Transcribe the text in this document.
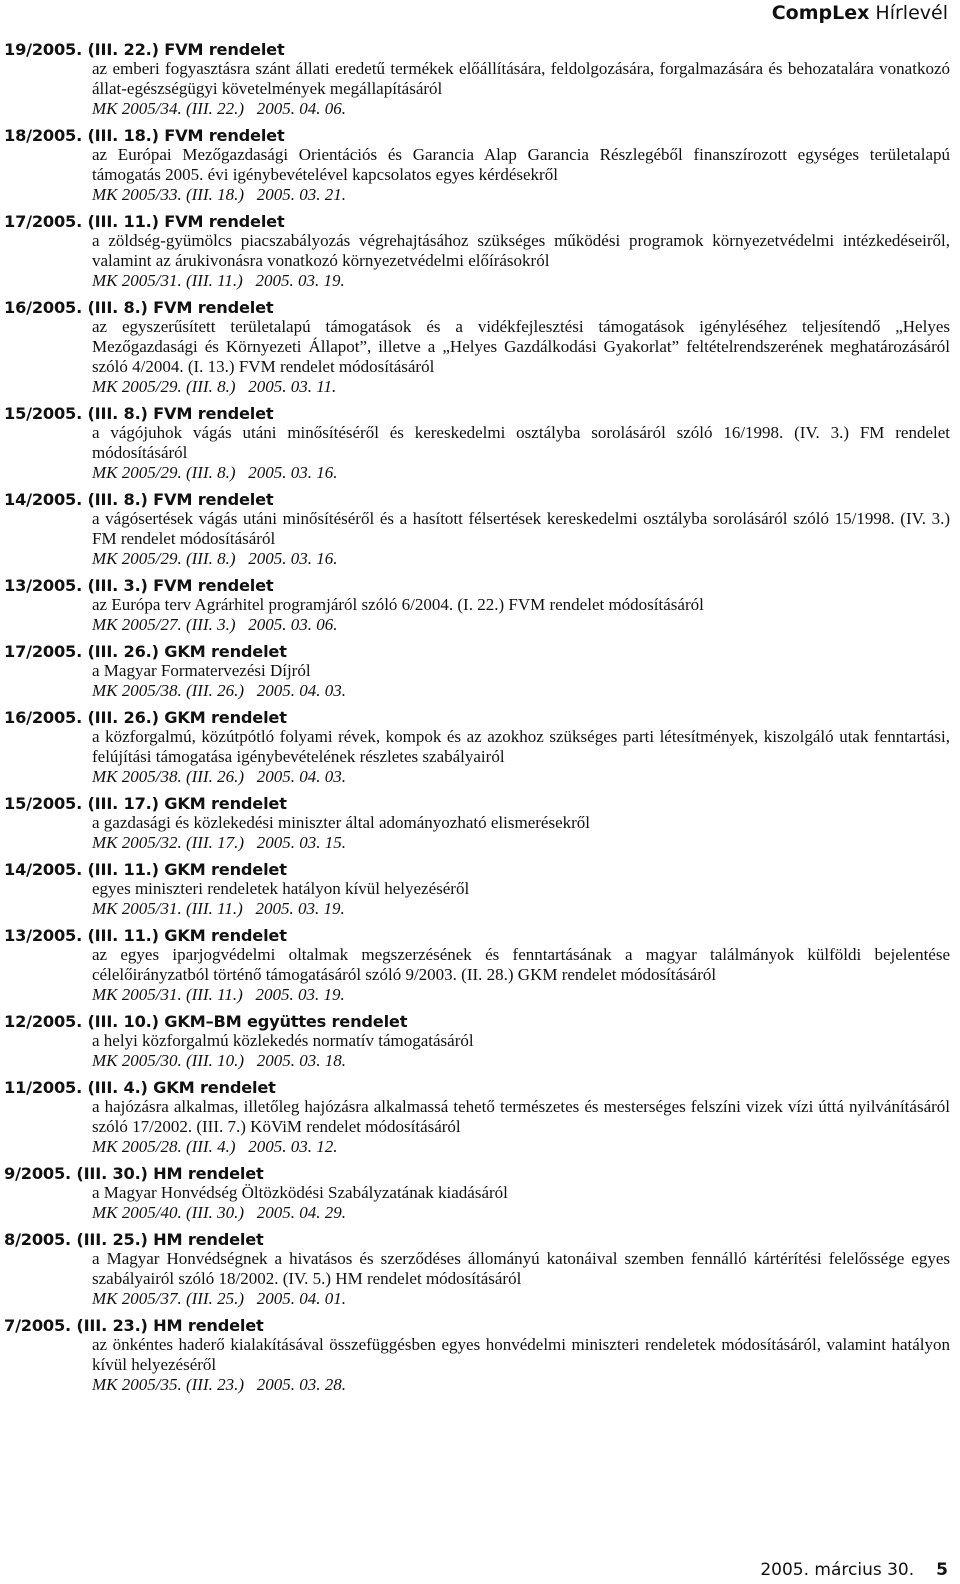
CompLex Hírlevél
19/2005. (III. 22.) FVM rendelet
az emberi fogyasztásra szánt állati eredetű termékek előállítására, feldolgozására, forgalmazására és behozatalára vonatkozó állat-egészségügyi követelmények megállapításáról
MK 2005/34. (III. 22.)   2005. 04. 06.
18/2005. (III. 18.) FVM rendelet
az Európai Mezőgazdasági Orientációs és Garancia Alap Garancia Részlegéből finanszírozott egységes területalapú támogatás 2005. évi igénybevételével kapcsolatos egyes kérdésekről
MK 2005/33. (III. 18.)   2005. 03. 21.
17/2005. (III. 11.) FVM rendelet
a zöldség-gyümölcs piacszabályozás végrehajtásához szükséges működési programok környezetvédelmi intézkedéseiről, valamint az árukivonásra vonatkozó környezetvédelmi előírásokról
MK 2005/31. (III. 11.)   2005. 03. 19.
16/2005. (III. 8.) FVM rendelet
az egyszerűsített területalapú támogatások és a vidékfejlesztési támogatások igényléséhez teljesítendő „Helyes Mezőgazdasági és Környezeti Állapot”, illetve a „Helyes Gazdálkodási Gyakorlat” feltételrendszerének meghatározásáról szóló 4/2004. (I. 13.) FVM rendelet módosításáról
MK 2005/29. (III. 8.)   2005. 03. 11.
15/2005. (III. 8.) FVM rendelet
a vágójuhok vágás utáni minősítéséről és kereskedelmi osztályba sorolásáról szóló 16/1998. (IV. 3.) FM rendelet módosításáról
MK 2005/29. (III. 8.)   2005. 03. 16.
14/2005. (III. 8.) FVM rendelet
a vágósertések vágás utáni minősítéséről és a hasított félsertések kereskedelmi osztályba sorolásáról szóló 15/1998. (IV. 3.) FM rendelet módosításáról
MK 2005/29. (III. 8.)   2005. 03. 16.
13/2005. (III. 3.) FVM rendelet
az Európa terv Agrárhitel programjáról szóló 6/2004. (I. 22.) FVM rendelet módosításáról
MK 2005/27. (III. 3.)   2005. 03. 06.
17/2005. (III. 26.) GKM rendelet
a Magyar Formatervezési Díjról
MK 2005/38. (III. 26.)   2005. 04. 03.
16/2005. (III. 26.) GKM rendelet
a közforgalmú, közútpótló folyami révek, kompok és az azokhoz szükséges parti létesítmények, kiszolgáló utak fenntartási, felújítási támogatása igénybevételének részletes szabályairól
MK 2005/38. (III. 26.)   2005. 04. 03.
15/2005. (III. 17.) GKM rendelet
a gazdasági és közlekedési miniszter által adományozható elismerésekről
MK 2005/32. (III. 17.)   2005. 03. 15.
14/2005. (III. 11.) GKM rendelet
egyes miniszteri rendeletek hatályon kívül helyezéséről
MK 2005/31. (III. 11.)   2005. 03. 19.
13/2005. (III. 11.) GKM rendelet
az egyes iparjogvédelmi oltalmak megszerzésének és fenntartásának a magyar találmányok külföldi bejelentése célelőirányzatból történő támogatásáról szóló 9/2003. (II. 28.) GKM rendelet módosításáról
MK 2005/31. (III. 11.)   2005. 03. 19.
12/2005. (III. 10.) GKM–BM együttes rendelet
a helyi közforgalmú közlekedés normatív támogatásáról
MK 2005/30. (III. 10.)   2005. 03. 18.
11/2005. (III. 4.) GKM rendelet
a hajózásra alkalmas, illetőleg hajózásra alkalmassá tehető természetes és mesterséges felszíni vizek vízi úttá nyilvánításáról szóló 17/2002. (III. 7.) KöViM rendelet módosításáról
MK 2005/28. (III. 4.)   2005. 03. 12.
9/2005. (III. 30.) HM rendelet
a Magyar Honvédség Öltözködési Szabályzatának kiadásáról
MK 2005/40. (III. 30.)   2005. 04. 29.
8/2005. (III. 25.) HM rendelet
a Magyar Honvédségnek a hivatásos és szerződéses állományú katonáival szemben fennálló kártérítési felelőssége egyes szabályairól szóló 18/2002. (IV. 5.) HM rendelet módosításáról
MK 2005/37. (III. 25.)   2005. 04. 01.
7/2005. (III. 23.) HM rendelet
az önkéntes haderő kialakításával összefüggésben egyes honvédelmi miniszteri rendeletek módosításáról, valamint hatályon kívül helyezéséről
MK 2005/35. (III. 23.)   2005. 03. 28.
2005. március 30. 5
